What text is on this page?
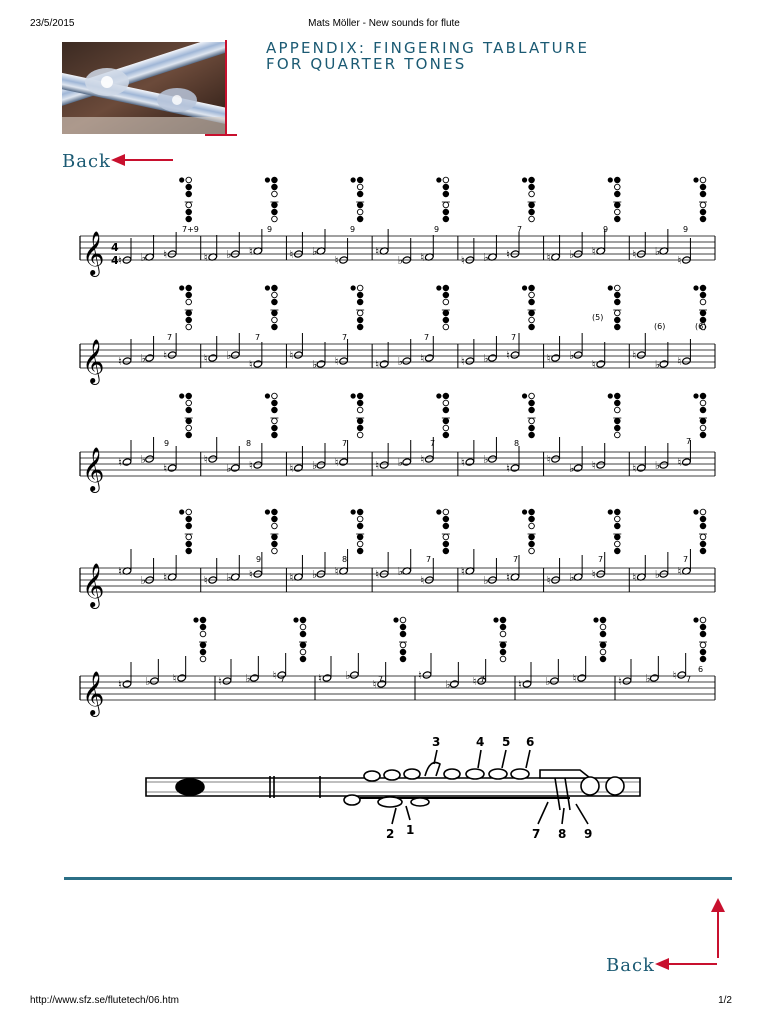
23/5/2015	Mats Möller - New sounds for flute
APPENDIX: FINGERING TABLATURE
FOR QUARTER TONES
Back
𝄞 ♮ ♭ ♮	♮ ♭ ♮	♮ ♭
♮
♮
♭ ♮	♮ ♭ ♮	♮ ♭ ♮	♮ ♭
♮
𝄞 ♮ ♭ ♮	♮ ♭
♮
♮
♭ ♮	♮ ♭ ♮	♮ ♭ ♮	♮ ♭
♮
♮
♭ ♮
𝄞 ♮ ♭
♮
♮
♭ ♮	♮ ♭ ♮	♮ ♭ ♮	♮ ♭
♮
♮
♭ ♮	♮ ♭ ♮
𝄞 ♮
♭ ♮	♮ ♭ ♮	♮ ♭ ♮	♮ ♭
♮
♮
♭ ♮	♮ ♭ ♮	♮ ♭ ♮
𝄞 ♮ ♭ ♮	♮ ♭ ♮	♮ ♭
♮
♮
♭ ♮	♮ ♭ ♮	♮ ♭ ♮
4
4
7+9	9	9	9	7	9	9
7	7	7	7	7
(5)
(6)	(6)
9	8	7	7	8	7
9	8	7	7	7	7
7	7	7	7
6
3	4 5 6
2 1	7 8 9
Back
http://www.sfz.se/flutetech/06.htm	1/2
